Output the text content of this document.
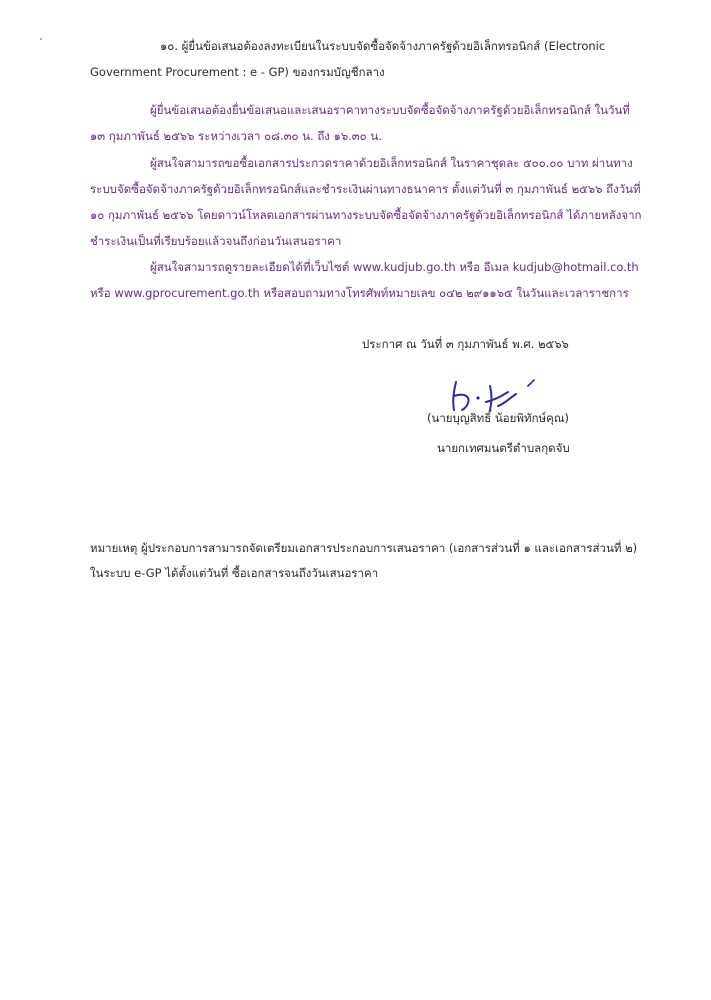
๑๐. ผู้ยื่นข้อเสนอต้องลงทะเบียนในระบบจัดซื้อจัดจ้างภาครัฐด้วยอิเล็กทรอนิกส์ (Electronic
Government Procurement : e - GP) ของกรมบัญชีกลาง
ผู้ยื่นข้อเสนอต้องยื่นข้อเสนอและเสนอราคาทางระบบจัดซื้อจัดจ้างภาครัฐด้วยอิเล็กทรอนิกส์ ในวันที่
๑๓ กุมภาพันธ์ ๒๕๖๖ ระหว่างเวลา ๐๘.๓๐ น. ถึง ๑๖.๓๐ น.
ผู้สนใจสามารถขอซื้อเอกสารประกวดราคาด้วยอิเล็กทรอนิกส์ ในราคาชุดละ ๕๐๐.๐๐ บาท ผ่านทาง
ระบบจัดซื้อจัดจ้างภาครัฐด้วยอิเล็กทรอนิกส์และชำระเงินผ่านทางธนาคาร ตั้งแต่วันที่ ๓ กุมภาพันธ์ ๒๕๖๖ ถึงวันที่
๑๐ กุมภาพันธ์ ๒๕๖๖ โดยดาวน์โหลดเอกสารผ่านทางระบบจัดซื้อจัดจ้างภาครัฐด้วยอิเล็กทรอนิกส์ ได้ภายหลังจาก
ชำระเงินเป็นที่เรียบร้อยแล้วจนถึงก่อนวันเสนอราคา
ผู้สนใจสามารถดูรายละเอียดได้ที่เว็บไซต์ www.kudjub.go.th หรือ อีเมล kudjub@hotmail.co.th
หรือ www.gprocurement.go.th หรือสอบถามทางโทรศัพท์หมายเลข ๐๔๒ ๒๙๑๑๖๕ ในวันและเวลาราชการ
ประกาศ ณ วันที่ ๓ กุมภาพันธ์ พ.ศ. ๒๕๖๖
(นายบุญสิทธิ์ น้อยพิทักษ์คุณ)
นายกเทศมนตรีตำบลกุดจับ
หมายเหตุ ผู้ประกอบการสามารถจัดเตรียมเอกสารประกอบการเสนอราคา (เอกสารส่วนที่ ๑ และเอกสารส่วนที่ ๒)
ในระบบ e-GP ได้ตั้งแต่วันที่ ซื้อเอกสารจนถึงวันเสนอราคา
